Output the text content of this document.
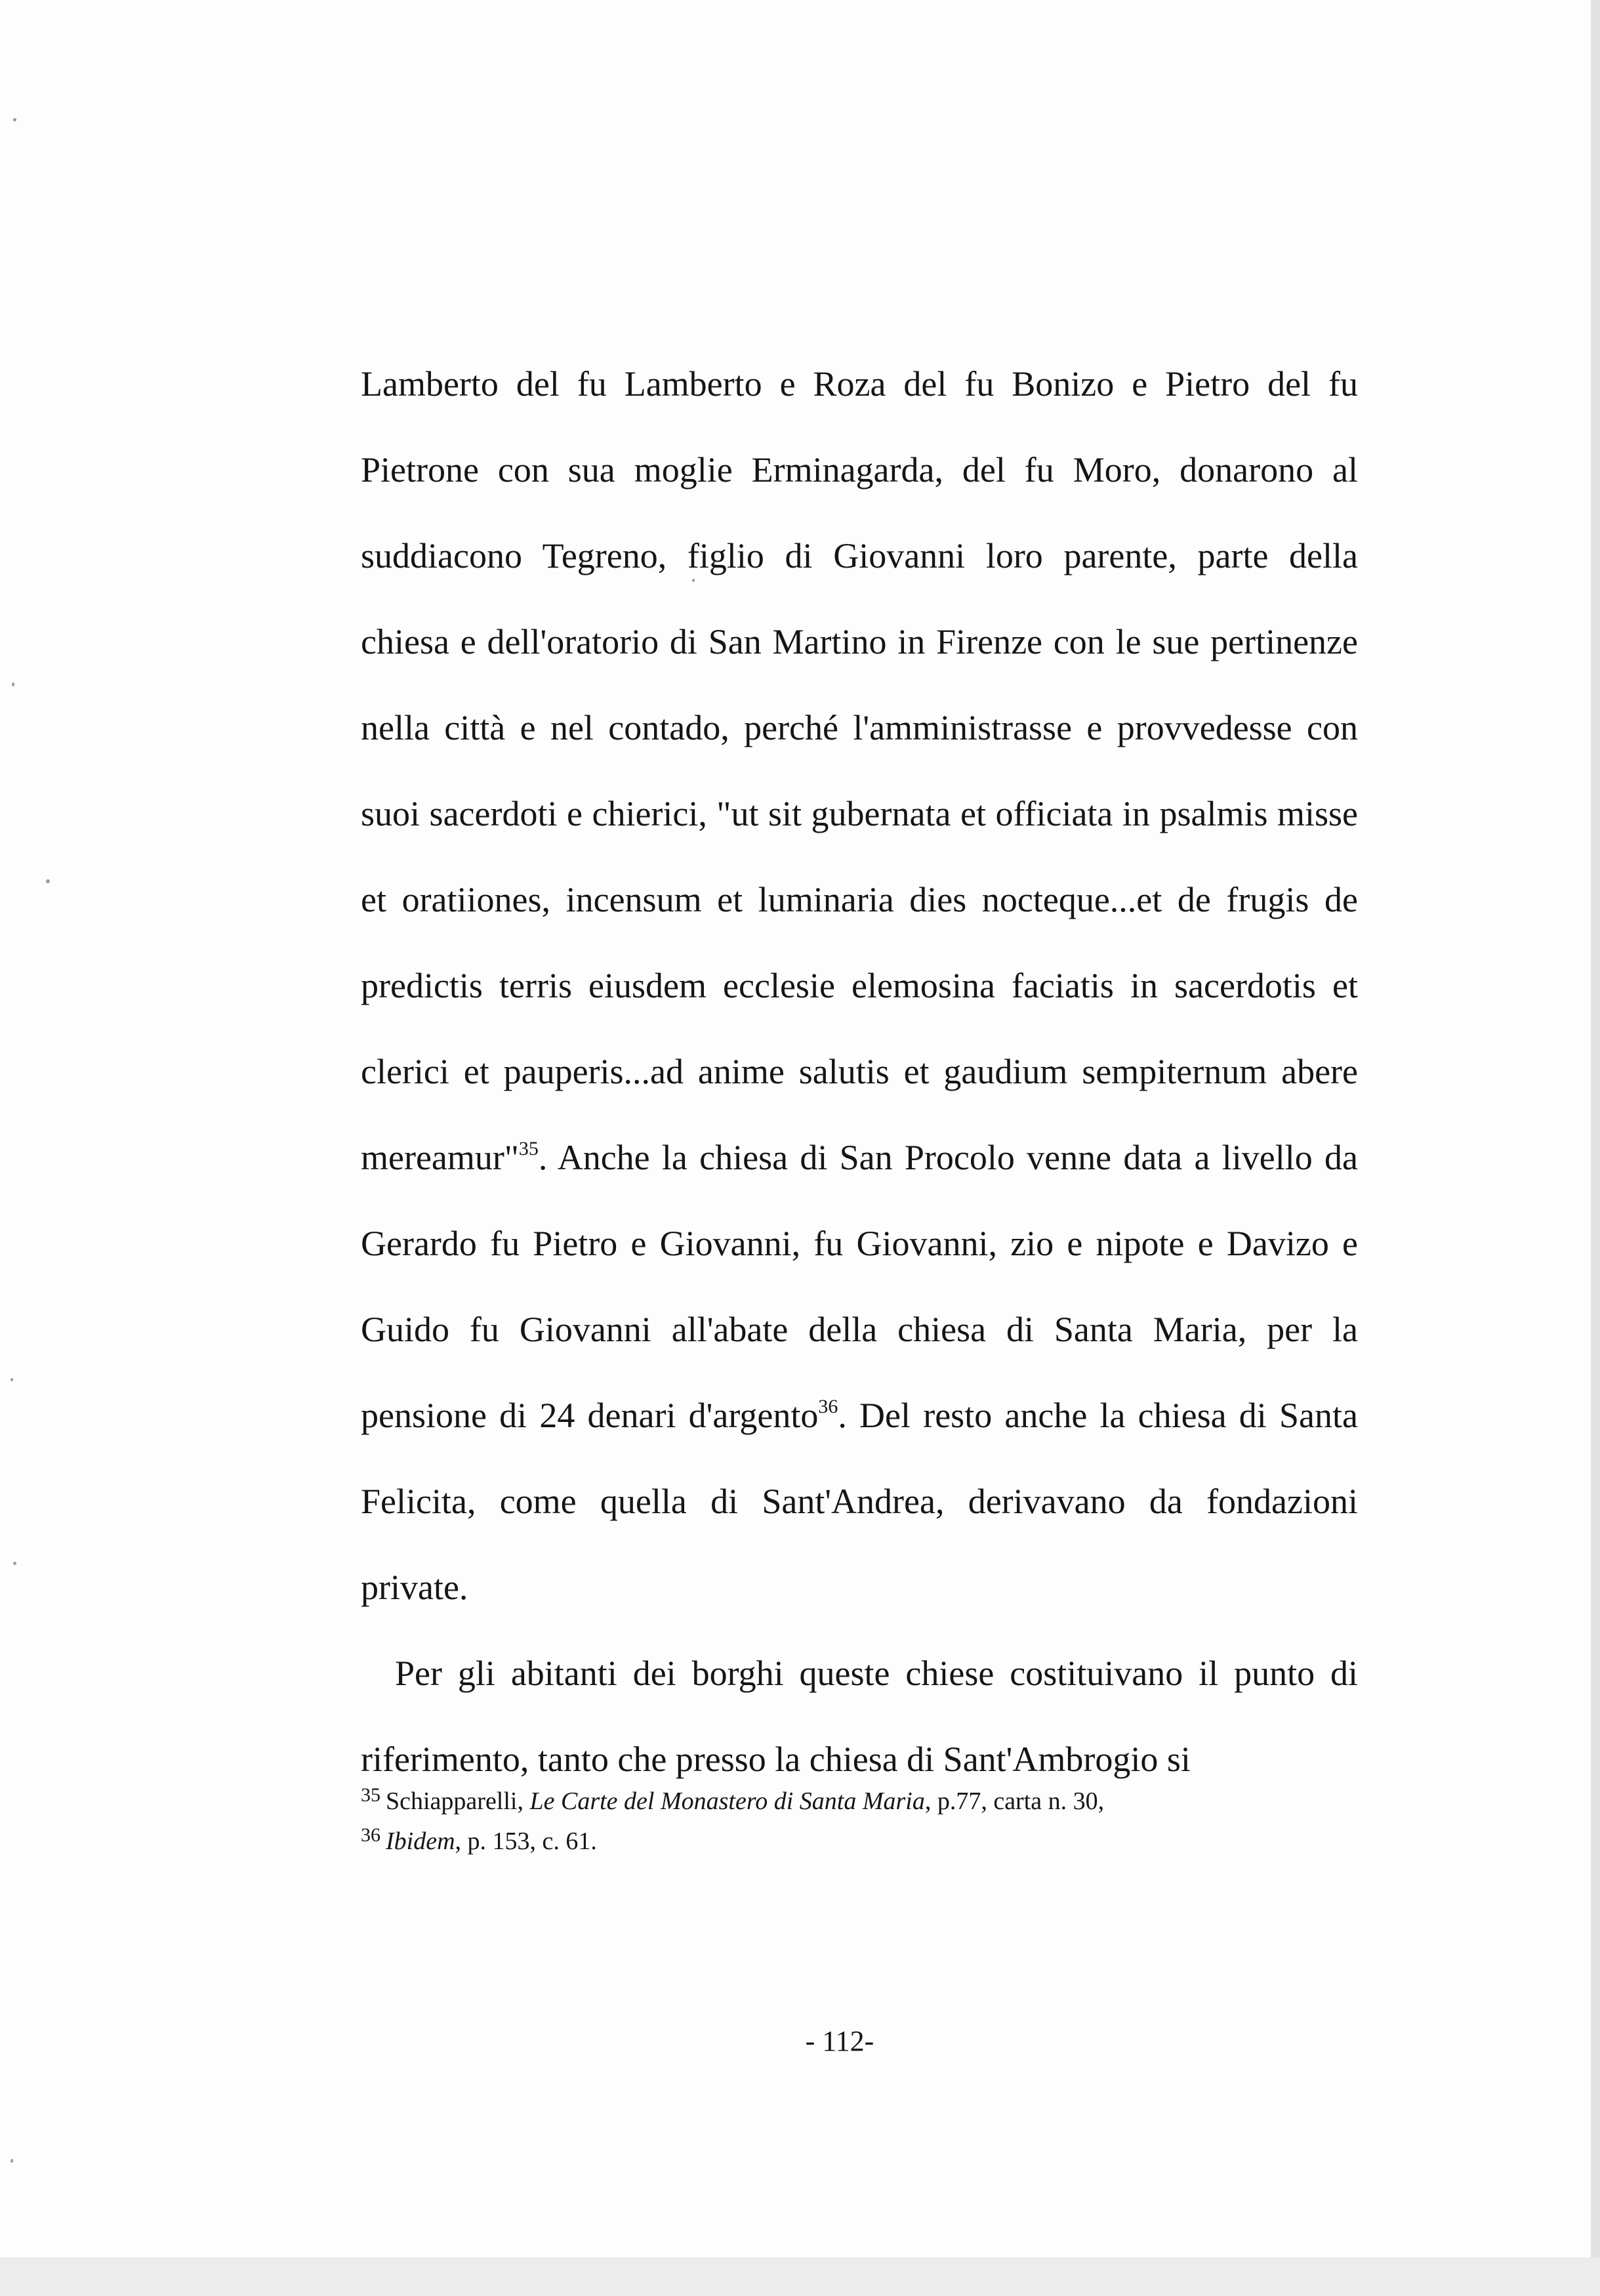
Lamberto del fu Lamberto e Roza del fu Bonizo e Pietro del fu Pietrone con sua moglie Erminagarda, del fu Moro, donarono al suddiacono Tegreno, figlio di Giovanni loro parente, parte della chiesa e dell'oratorio di San Martino in Firenze con le sue pertinenze nella città e nel contado, perché l'amministrasse e provvedesse con suoi sacerdoti e chierici, "ut sit gubernata et officiata in psalmis misse et oratiiones, incensum et luminaria dies nocteque...et de frugis de predictis terris eiusdem ecclesie elemosina faciatis in sacerdotis et clerici et pauperis...ad anime salutis et gaudium sempiternum abere mereamur"$^{35}$. Anche la chiesa di San Procolo venne data a livello da Gerardo fu Pietro e Giovanni, fu Giovanni, zio e nipote e Davizo e Guido fu Giovanni all'abate della chiesa di Santa Maria, per la pensione di 24 denari d'argento$^{36}$. Del resto anche la chiesa di Santa Felicita, come quella di Sant'Andrea, derivavano da fondazioni private.

Per gli abitanti dei borghi queste chiese costituivano il punto di riferimento, tanto che presso la chiesa di Sant'Ambrogio si

$^{35}$ Schiapparelli, Le Carte del Monastero di Santa Maria, p.77, carta n. 30,
$^{36}$ Ibidem, p. 153, c. 61.
- 112-
